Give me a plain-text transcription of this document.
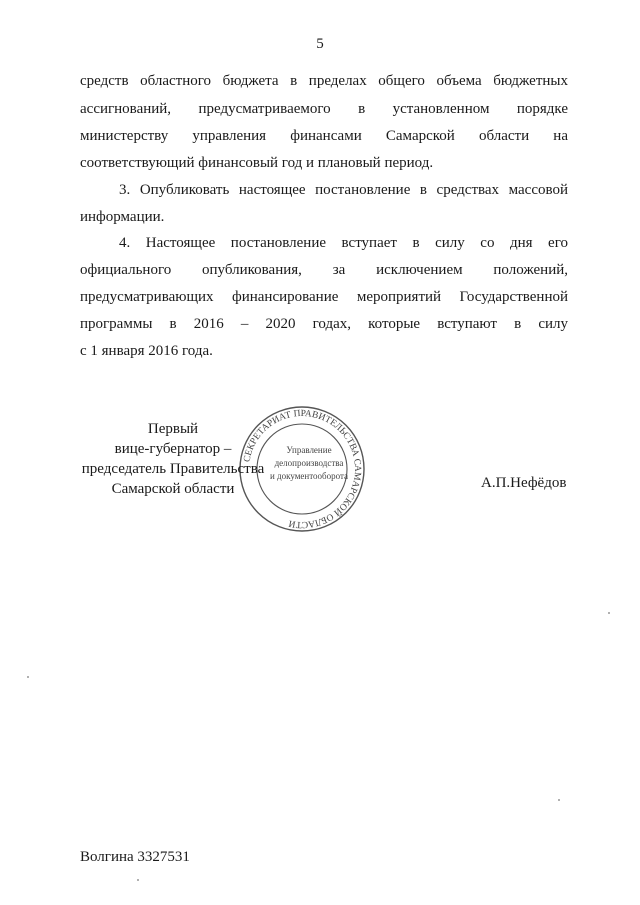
5
средств областного бюджета в пределах общего объема бюджетных
ассигнований, предусматриваемого в установленном порядке
министерству управления финансами Самарской области на
соответствующий финансовый год и плановый период.
3. Опубликовать настоящее постановление в средствах массовой
информации.
4. Настоящее постановление вступает в силу со дня его
официального опубликования, за исключением положений,
предусматривающих финансирование мероприятий Государственной
программы в 2016 – 2020 годах, которые вступают в силу
с 1 января 2016 года.
СЕКРЕТАРИАТ ПРАВИТЕЛЬСТВА САМАРСКОЙ ОБЛАСТИ
Управление
делопроизводства
и документооборота
Первый
вице-губернатор –
председатель Правительства
Самарской области	А.П.Нефёдов
Волгина 3327531
